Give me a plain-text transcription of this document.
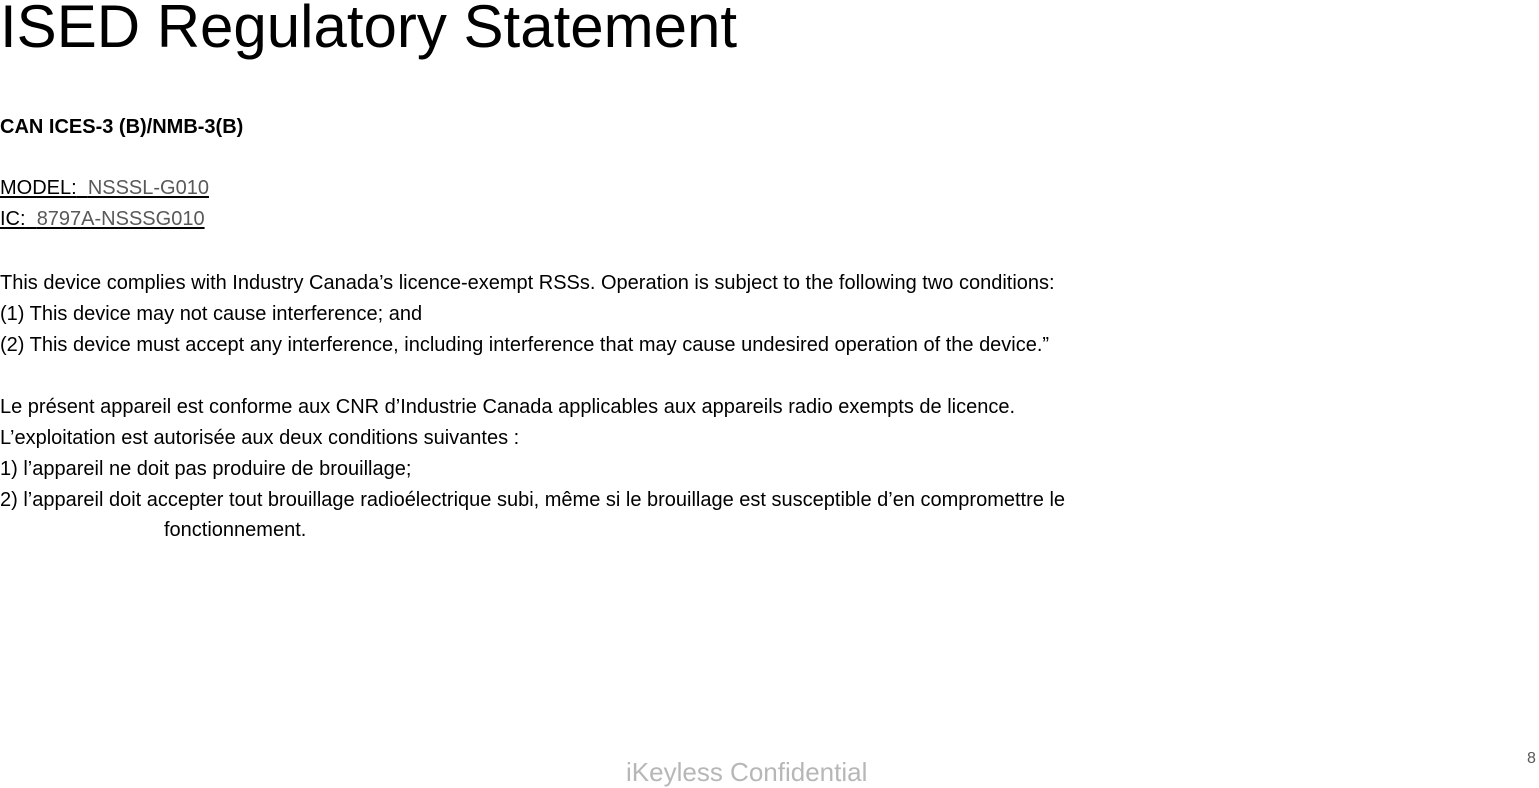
ISED Regulatory Statement
CAN ICES-3 (B)/NMB-3(B)
MODEL: NSSSL-G010
IC: 8797A-NSSSG010
This device complies with Industry Canada’s licence-exempt RSSs. Operation is subject to the following two conditions:
(1) This device may not cause interference; and
(2) This device must accept any interference, including interference that may cause undesired operation of the device.”
Le présent appareil est conforme aux CNR d’Industrie Canada applicables aux appareils radio exempts de licence.
L’exploitation est autorisée aux deux conditions suivantes :
1) l’appareil ne doit pas produire de brouillage;
2) l’appareil doit accepter tout brouillage radioélectrique subi, même si le brouillage est susceptible d’en compromettre le
fonctionnement.
iKeyless Confidential	8
